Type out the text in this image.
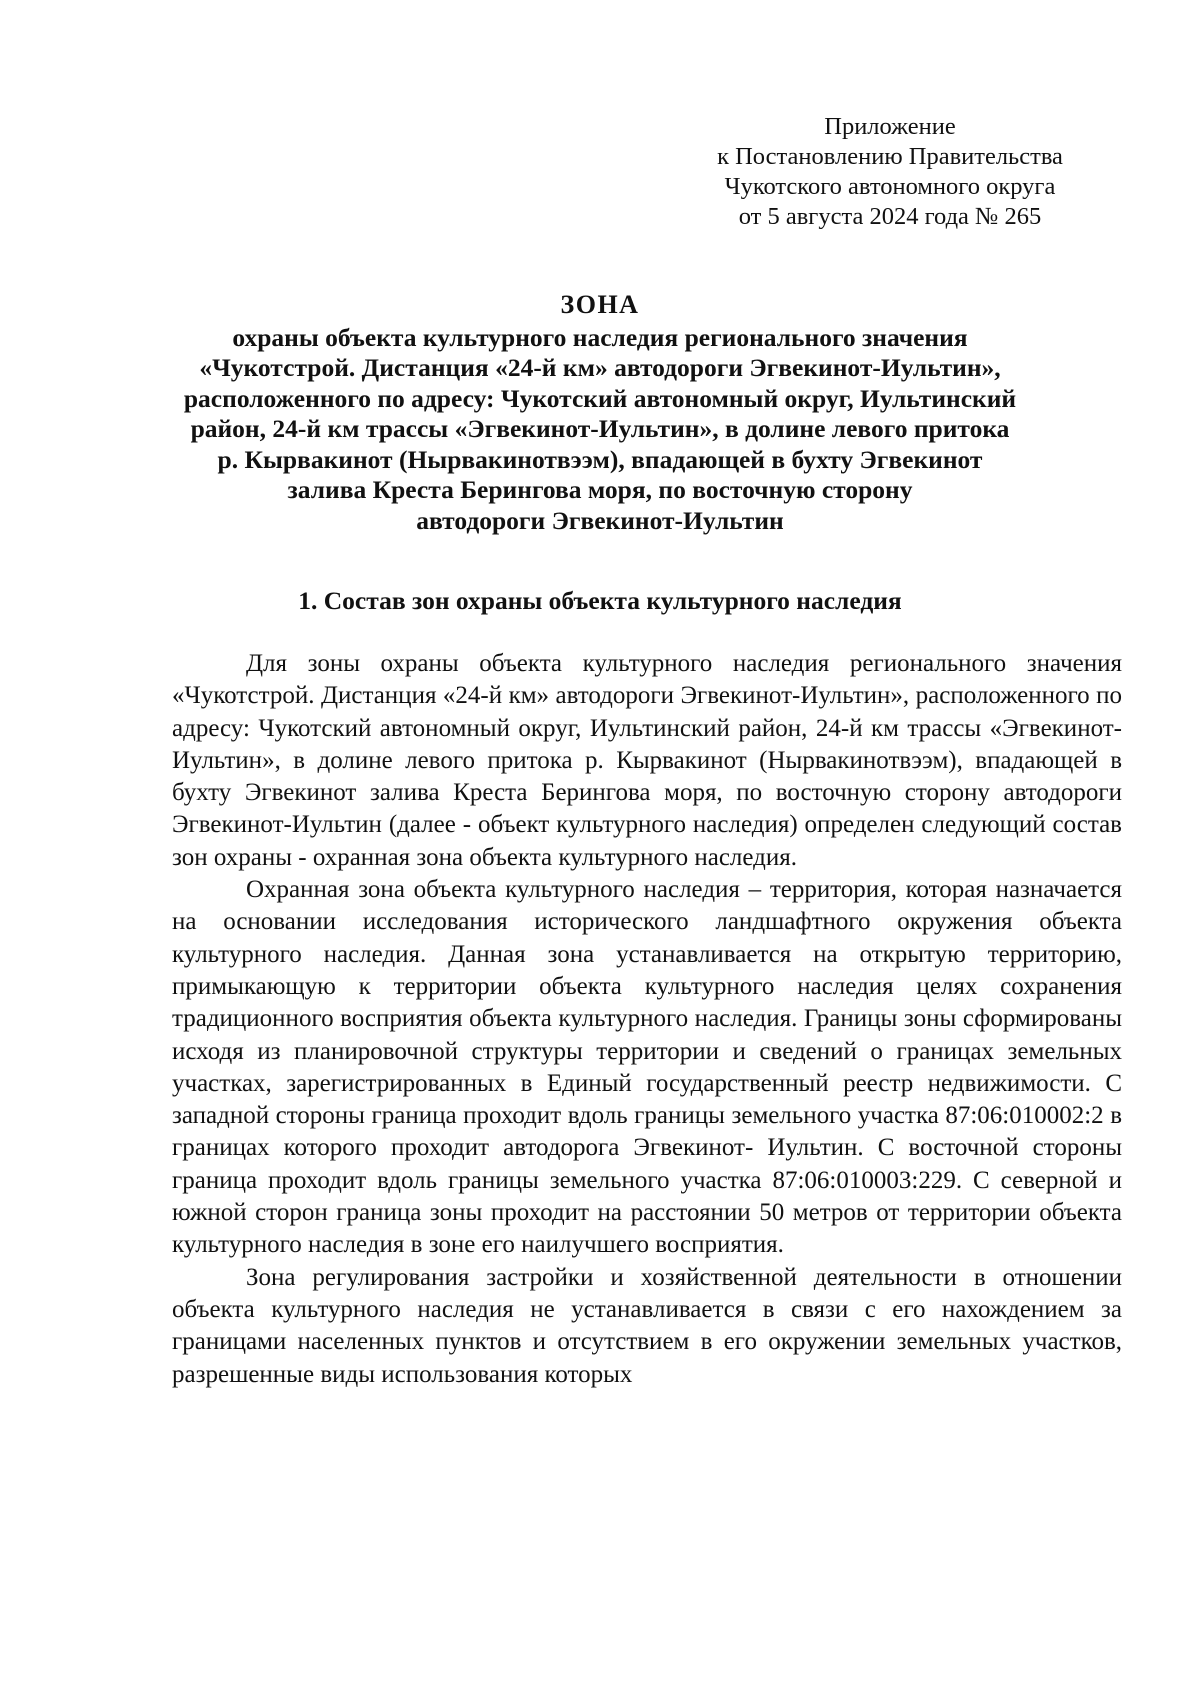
Приложение
к Постановлению Правительства
Чукотского автономного округа
от 5 августа 2024 года № 265
ЗОНА
охраны объекта культурного наследия регионального значения
«Чукотстрой. Дистанция «24-й км» автодороги Эгвекинот-Иультин»,
расположенного по адресу: Чукотский автономный округ, Иультинский
район, 24-й км трассы «Эгвекинот-Иультин», в долине левого притока
р. Кырвакинот (Нырвакинотвээм), впадающей в бухту Эгвекинот
залива Креста Берингова моря, по восточную сторону
автодороги Эгвекинот-Иультин
1. Состав зон охраны объекта культурного наследия

Для зоны охраны объекта культурного наследия регионального значения «Чукотстрой. Дистанция «24-й км» автодороги Эгвекинот-Иультин», расположенного по адресу: Чукотский автономный округ, Иультинский район, 24-й км трассы «Эгвекинот-Иультин», в долине левого притока р. Кырвакинот (Нырвакинотвээм), впадающей в бухту Эгвекинот залива Креста Берингова моря, по восточную сторону автодороги Эгвекинот-Иультин (далее - объект культурного наследия) определен следующий состав зон охраны - охранная зона объекта культурного наследия.

Охранная зона объекта культурного наследия – территория, которая назначается на основании исследования исторического ландшафтного окружения объекта культурного наследия. Данная зона устанавливается на открытую территорию, примыкающую к территории объекта культурного наследия целях сохранения традиционного восприятия объекта культурного наследия. Границы зоны сформированы исходя из планировочной структуры территории и сведений о границах земельных участках, зарегистрированных в Единый государственный реестр недвижимости. С западной стороны граница проходит вдоль границы земельного участка 87:06:010002:2 в границах которого проходит автодорога Эгвекинот- Иультин. С восточной стороны граница проходит вдоль границы земельного участка 87:06:010003:229. С северной и южной сторон граница зоны проходит на расстоянии 50 метров от территории объекта культурного наследия в зоне его наилучшего восприятия.

Зона регулирования застройки и хозяйственной деятельности в отношении объекта культурного наследия не устанавливается в связи с его нахождением за границами населенных пунктов и отсутствием в его окружении земельных участков, разрешенные виды использования которых
